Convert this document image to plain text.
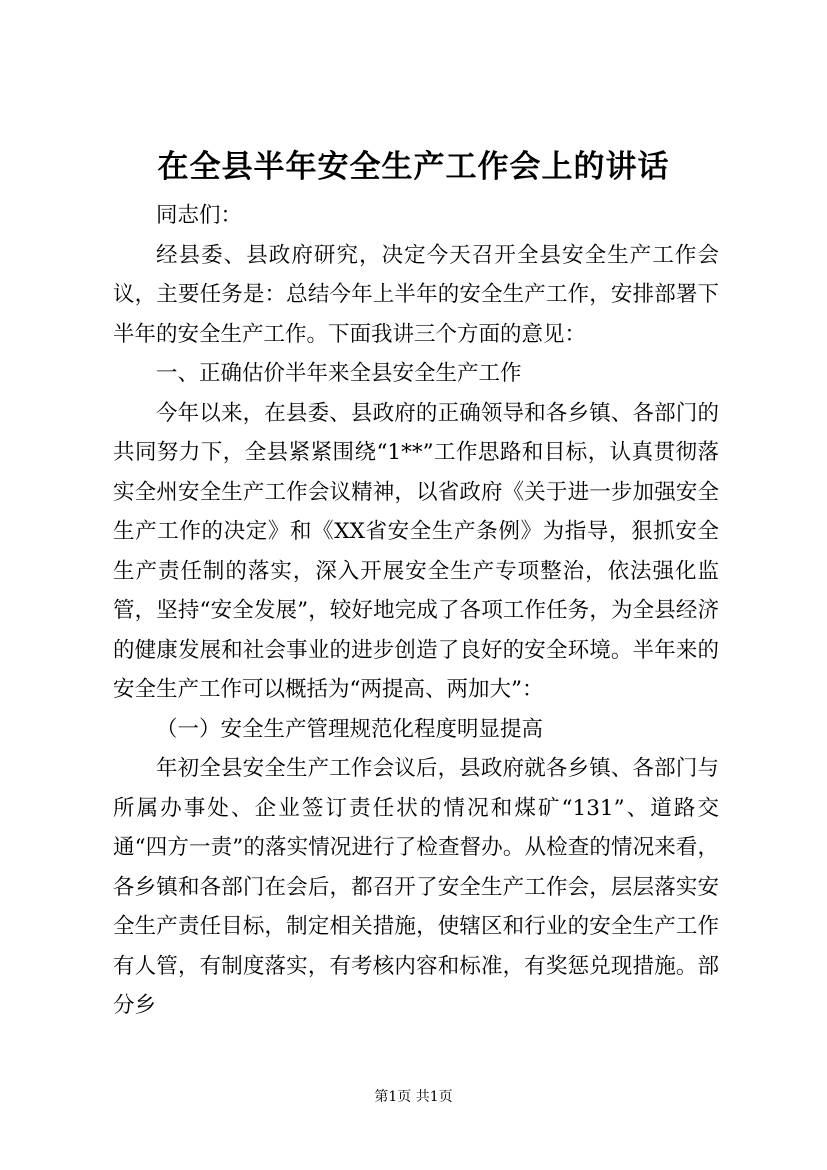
在全县半年安全生产工作会上的讲话

同志们：

经县委、县政府研究，决定今天召开全县安全生产工作会议，主要任务是：总结今年上半年的安全生产工作，安排部署下半年的安全生产工作。下面我讲三个方面的意见：

一、正确估价半年来全县安全生产工作

今年以来，在县委、县政府的正确领导和各乡镇、各部门的共同努力下，全县紧紧围绕“1**”工作思路和目标，认真贯彻落实全州安全生产工作会议精神，以省政府《关于进一步加强安全生产工作的决定》和《XX省安全生产条例》为指导，狠抓安全生产责任制的落实，深入开展安全生产专项整治，依法强化监管，坚持“安全发展”，较好地完成了各项工作任务，为全县经济的健康发展和社会事业的进步创造了良好的安全环境。半年来的安全生产工作可以概括为“两提高、两加大”：

（一）安全生产管理规范化程度明显提高

年初全县安全生产工作会议后，县政府就各乡镇、各部门与所属办事处、企业签订责任状的情况和煤矿“131”、道路交通“四方一责”的落实情况进行了检查督办。从检查的情况来看，各乡镇和各部门在会后，都召开了安全生产工作会，层层落实安全生产责任目标，制定相关措施，使辖区和行业的安全生产工作有人管，有制度落实，有考核内容和标准，有奖惩兑现措施。部分乡

第1页 共1页
